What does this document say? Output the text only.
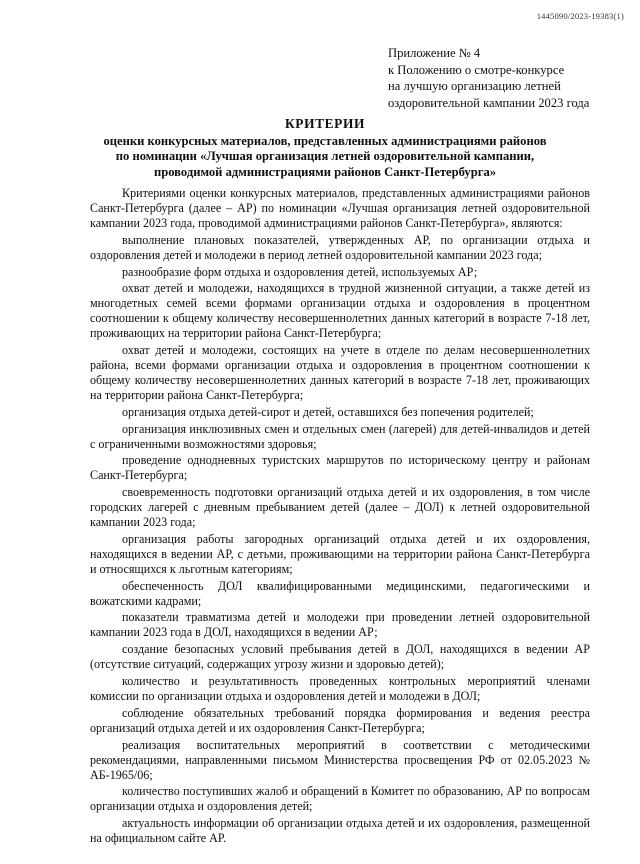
1445090/2023-19383(1)
Приложение № 4
к Положению о смотре-конкурсе
на лучшую организацию летней
оздоровительной кампании 2023 года
КРИТЕРИИ
оценки конкурсных материалов, представленных администрациями районов
по номинации «Лучшая организация летней оздоровительной кампании,
проводимой администрациями районов Санкт-Петербурга»

Критериями оценки конкурсных материалов, представленных администрациями районов Санкт-Петербурга (далее – АР) по номинации «Лучшая организация летней оздоровительной кампании 2023 года, проводимой администрациями районов Санкт-Петербурга», являются:

выполнение плановых показателей, утвержденных АР, по организации отдыха и оздоровления детей и молодежи в период летней оздоровительной кампании 2023 года;

разнообразие форм отдыха и оздоровления детей, используемых АР;

охват детей и молодежи, находящихся в трудной жизненной ситуации, а также детей из многодетных семей всеми формами организации отдыха и оздоровления в процентном соотношении к общему количеству несовершеннолетних данных категорий в возрасте 7-18 лет, проживающих на территории района Санкт-Петербурга;

охват детей и молодежи, состоящих на учете в отделе по делам несовершеннолетних района, всеми формами организации отдыха и оздоровления в процентном соотношении к общему количеству несовершеннолетних данных категорий в возрасте 7-18 лет, проживающих на территории района Санкт-Петербурга;

организация отдыха детей-сирот и детей, оставшихся без попечения родителей;

организация инклюзивных смен и отдельных смен (лагерей) для детей-инвалидов и детей с ограниченными возможностями здоровья;

проведение однодневных туристских маршрутов по историческому центру и районам Санкт-Петербурга;

своевременность подготовки организаций отдыха детей и их оздоровления, в том числе городских лагерей с дневным пребыванием детей (далее – ДОЛ) к летней оздоровительной кампании 2023 года;

организация работы загородных организаций отдыха детей и их оздоровления, находящихся в ведении АР, с детьми, проживающими на территории района Санкт-Петербурга и относящихся к льготным категориям;

обеспеченность ДОЛ квалифицированными медицинскими, педагогическими и вожатскими кадрами;

показатели травматизма детей и молодежи при проведении летней оздоровительной кампании 2023 года в ДОЛ, находящихся в ведении АР;

создание безопасных условий пребывания детей в ДОЛ, находящихся в ведении АР (отсутствие ситуаций, содержащих угрозу жизни и здоровью детей);

количество и результативность проведенных контрольных мероприятий членами комиссии по организации отдыха и оздоровления детей и молодежи в ДОЛ;

соблюдение обязательных требований порядка формирования и ведения реестра организаций отдыха детей и их оздоровления Санкт-Петербурга;

реализация воспитательных мероприятий в соответствии с методическими рекомендациями, направленными письмом Министерства просвещения РФ от 02.05.2023 № АБ-1965/06;

количество поступивших жалоб и обращений в Комитет по образованию, АР по вопросам организации отдыха и оздоровления детей;

актуальность информации об организации отдыха детей и их оздоровления, размещенной на официальном сайте АР.
